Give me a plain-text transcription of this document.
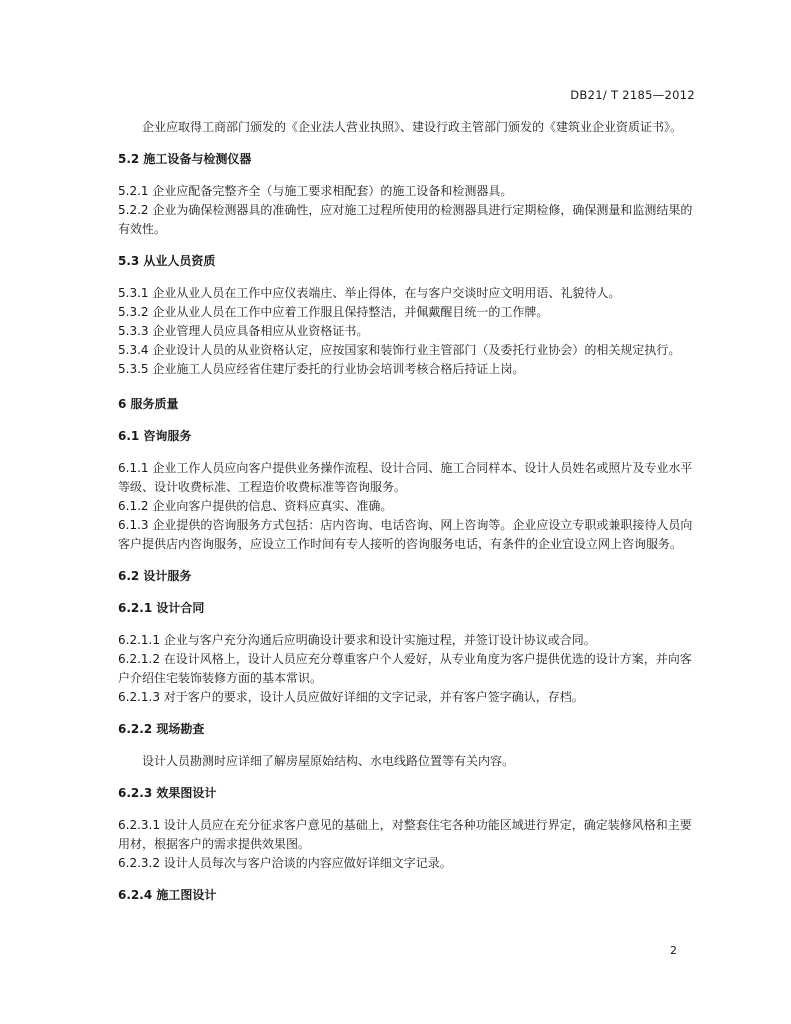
DB21/ T 2185—2012

企业应取得工商部门颁发的《企业法人营业执照》、建设行政主管部门颁发的《建筑业企业资质证书》。

5.2 施工设备与检测仪器

5.2.1 企业应配备完整齐全（与施工要求相配套）的施工设备和检测器具。

5.2.2 企业为确保检测器具的准确性，应对施工过程所使用的检测器具进行定期检修，确保测量和监测结果的有效性。

5.3 从业人员资质

5.3.1 企业从业人员在工作中应仪表端庄、举止得体，在与客户交谈时应文明用语、礼貌待人。

5.3.2 企业从业人员在工作中应着工作服且保持整洁，并佩戴醒目统一的工作牌。

5.3.3 企业管理人员应具备相应从业资格证书。

5.3.4 企业设计人员的从业资格认定，应按国家和装饰行业主管部门（及委托行业协会）的相关规定执行。

5.3.5 企业施工人员应经省住建厅委托的行业协会培训考核合格后持证上岗。

6 服务质量

6.1 咨询服务

6.1.1 企业工作人员应向客户提供业务操作流程、设计合同、施工合同样本、设计人员姓名或照片及专业水平等级、设计收费标准、工程造价收费标准等咨询服务。

6.1.2 企业向客户提供的信息、资料应真实、准确。

6.1.3 企业提供的咨询服务方式包括：店内咨询、电话咨询、网上咨询等。企业应设立专职或兼职接待人员向客户提供店内咨询服务，应设立工作时间有专人接听的咨询服务电话，有条件的企业宜设立网上咨询服务。

6.2 设计服务

6.2.1 设计合同

6.2.1.1 企业与客户充分沟通后应明确设计要求和设计实施过程，并签订设计协议或合同。

6.2.1.2 在设计风格上，设计人员应充分尊重客户个人爱好，从专业角度为客户提供优选的设计方案，并向客户介绍住宅装饰装修方面的基本常识。

6.2.1.3 对于客户的要求，设计人员应做好详细的文字记录，并有客户签字确认，存档。

6.2.2 现场勘查

设计人员勘测时应详细了解房屋原始结构、水电线路位置等有关内容。

6.2.3 效果图设计

6.2.3.1 设计人员应在充分征求客户意见的基础上，对整套住宅各种功能区域进行界定，确定装修风格和主要用材，根据客户的需求提供效果图。

6.2.3.2 设计人员每次与客户洽谈的内容应做好详细文字记录。

6.2.4 施工图设计

2
